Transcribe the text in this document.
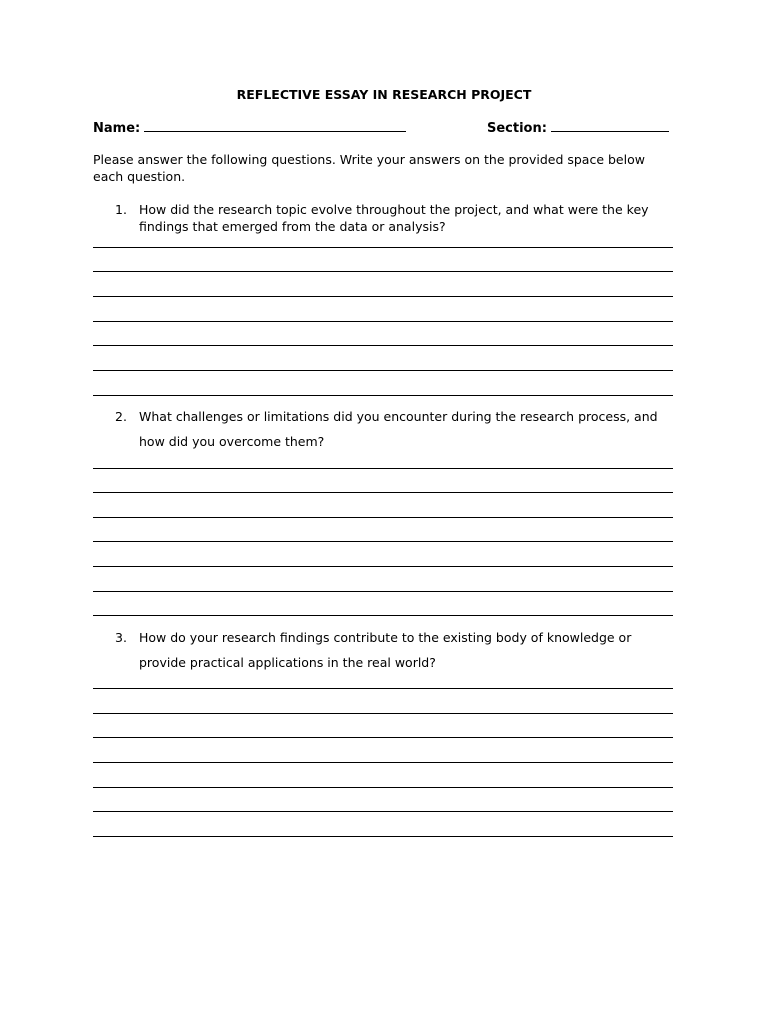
REFLECTIVE ESSAY IN RESEARCH PROJECT
Name:	Section:
Please answer the following questions. Write your answers on the provided space below each question.
1. How did the research topic evolve throughout the project, and what were the key findings that emerged from the data or analysis?
2. What challenges or limitations did you encounter during the research process, and how did you overcome them?
3. How do your research findings contribute to the existing body of knowledge or provide practical applications in the real world?
